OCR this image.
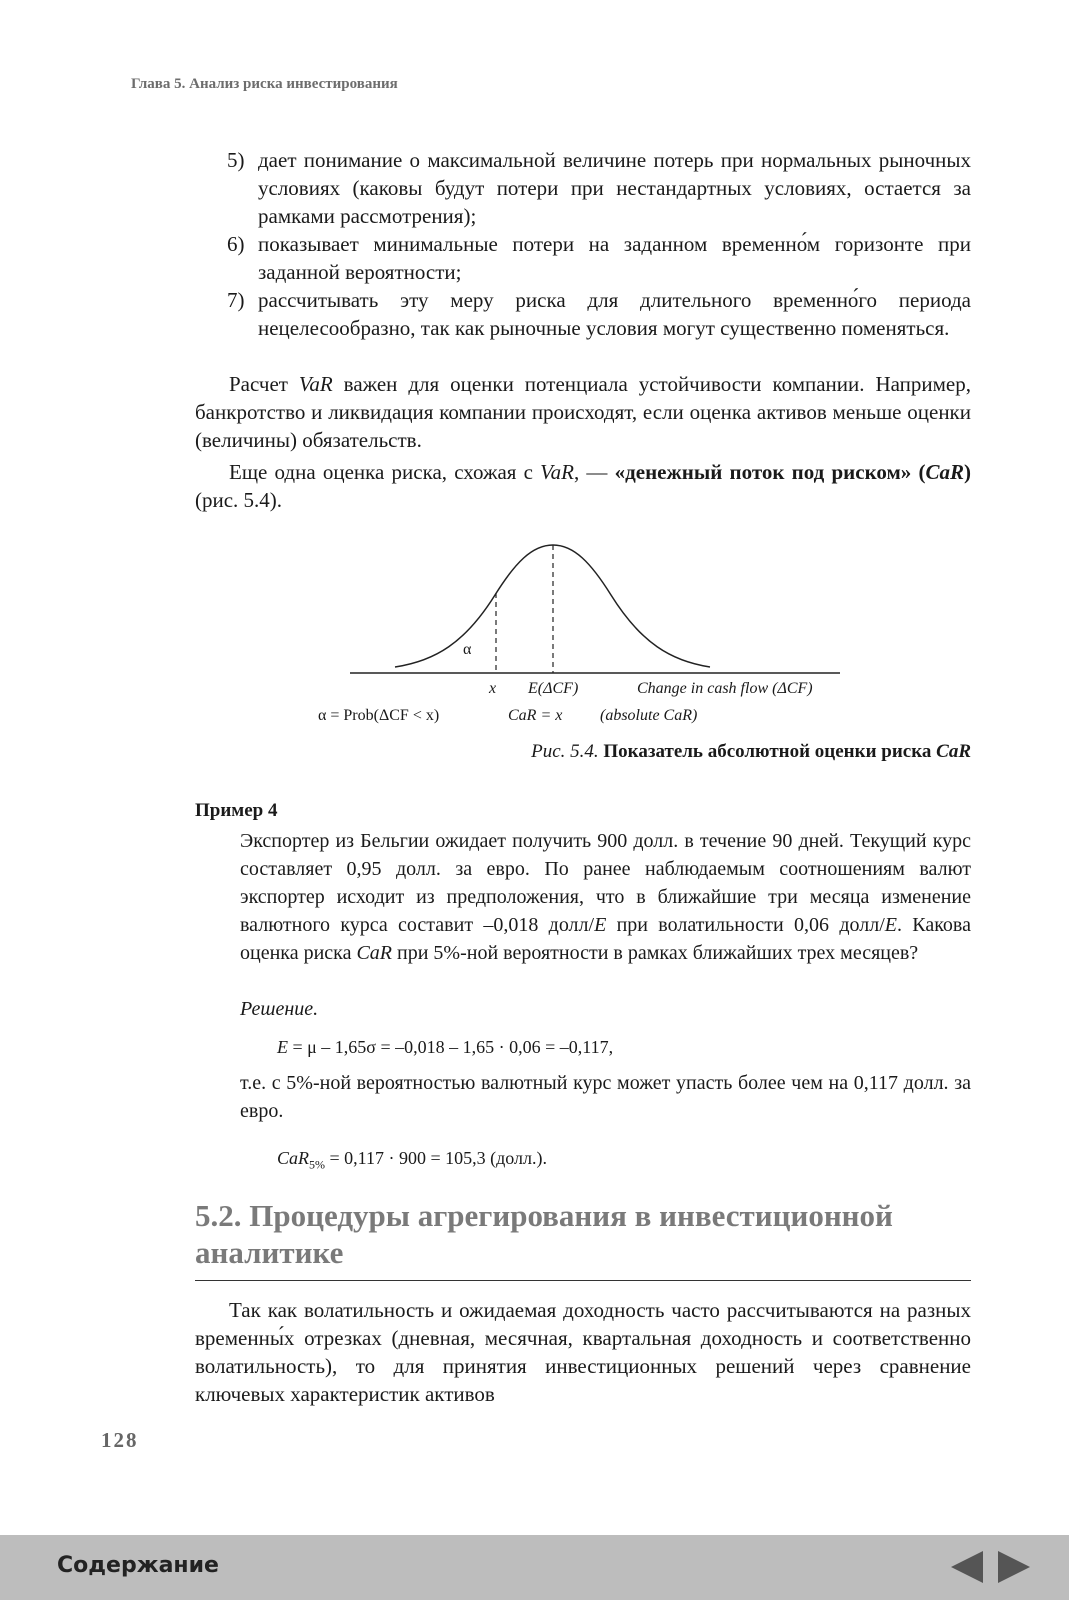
Глава 5. Анализ риска инвестирования
5) дает понимание о максимальной величине потерь при нормальных рыночных условиях (каковы будут потери при нестандартных условиях, остается за рамками рассмотрения);
6) показывает минимальные потери на заданном временно́м горизонте при заданной вероятности;
7) рассчитывать эту меру риска для длительного временно́го периода нецелесообразно, так как рыночные условия могут существенно поменяться.

Расчет VaR важен для оценки потенциала устойчивости компании. Например, банкротство и ликвидация компании происходят, если оценка активов меньше оценки (величины) обязательств.

Еще одна оценка риска, схожая с VaR, — «денежный поток под риском» (CaR) (рис. 5.4).

α
x E(ΔCF)	Change in cash flow (ΔCF)
α = Prob(ΔCF < x)	CaR = x (absolute CaR)
Рис. 5.4. Показатель абсолютной оценки риска CaR
Пример 4

Экспортер из Бельгии ожидает получить 900 долл. в течение 90 дней. Текущий курс составляет 0,95 долл. за евро. По ранее наблюдаемым соотношениям валют экспортер исходит из предположения, что в ближайшие три месяца изменение валютного курса составит –0,018 долл/E при волатильности 0,06 долл/E. Какова оценка риска CaR при 5%-ной вероятности в рамках ближайших трех месяцев?

Решение.
E = μ – 1,65σ = –0,018 – 1,65 · 0,06 = –0,117,

т.е. с 5%-ной вероятностью валютный курс может упасть более чем на 0,117 долл. за евро.

CaR$_{5\%}$ = 0,117 · 900 = 105,3 (долл.).
5.2. Процедуры агрегирования в инвестиционной аналитике

Так как волатильность и ожидаемая доходность часто рассчитываются на разных временны́х отрезках (дневная, месячная, квартальная доходность и соответственно волатильность), то для принятия инвестиционных решений через сравнение ключевых характеристик активов

128
Содержание
